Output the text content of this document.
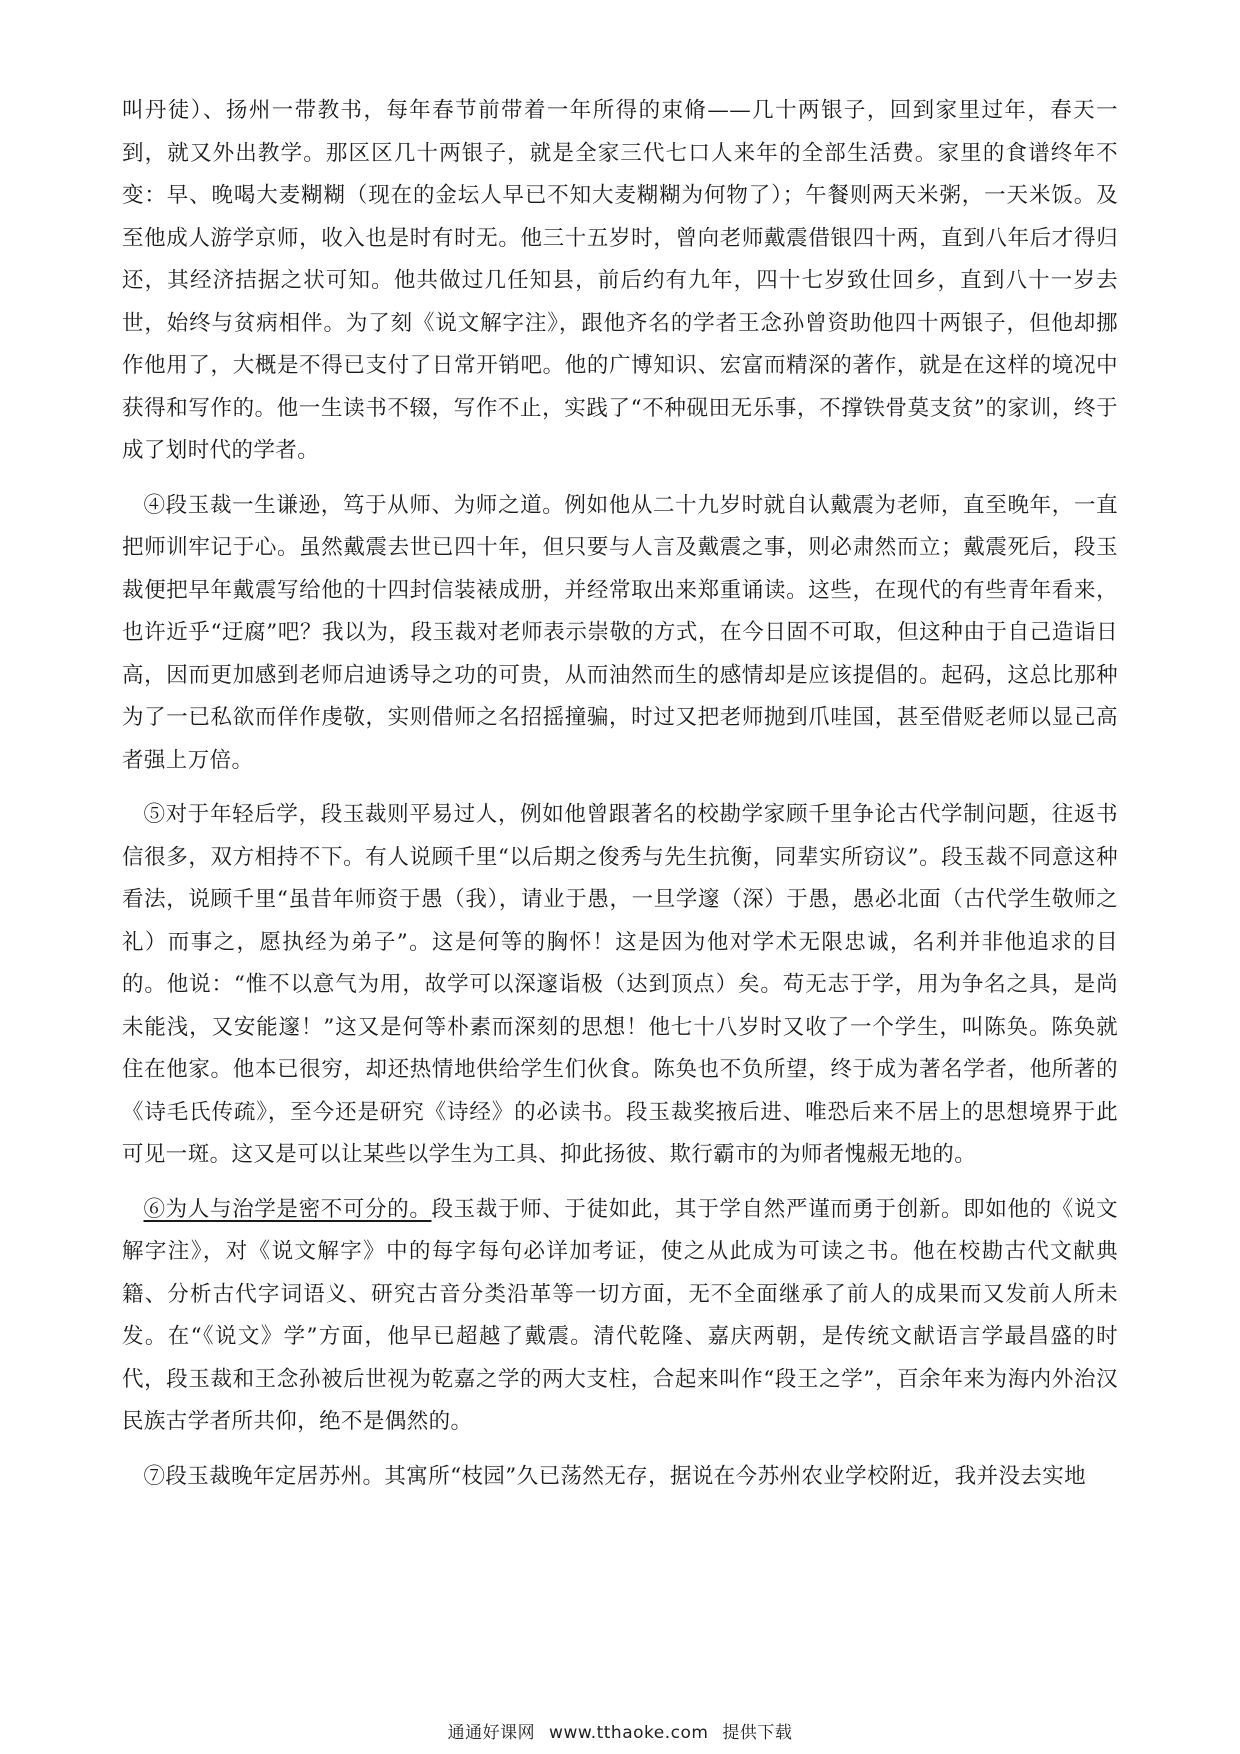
叫丹徒）、扬州一带教书，每年春节前带着一年所得的束脩——几十两银子，回到家里过年，春天一到，就又外出教学。那区区几十两银子，就是全家三代七口人来年的全部生活费。家里的食谱终年不变：早、晚喝大麦糊糊（现在的金坛人早已不知大麦糊糊为何物了）；午餐则两天米粥，一天米饭。及至他成人游学京师，收入也是时有时无。他三十五岁时，曾向老师戴震借银四十两，直到八年后才得归还，其经济拮据之状可知。他共做过几任知县，前后约有九年，四十七岁致仕回乡，直到八十一岁去世，始终与贫病相伴。为了刻《说文解字注》，跟他齐名的学者王念孙曾资助他四十两银子，但他却挪作他用了，大概是不得已支付了日常开销吧。他的广博知识、宏富而精深的著作，就是在这样的境况中获得和写作的。他一生读书不辍，写作不止，实践了“不种砚田无乐事，不撑铁骨莫支贫”的家训，终于成了划时代的学者。

④段玉裁一生谦逊，笃于从师、为师之道。例如他从二十九岁时就自认戴震为老师，直至晚年，一直把师训牢记于心。虽然戴震去世已四十年，但只要与人言及戴震之事，则必肃然而立；戴震死后，段玉裁便把早年戴震写给他的十四封信装裱成册，并经常取出来郑重诵读。这些，在现代的有些青年看来，也许近乎“迂腐”吧？我以为，段玉裁对老师表示崇敬的方式，在今日固不可取，但这种由于自己造诣日高，因而更加感到老师启迪诱导之功的可贵，从而油然而生的感情却是应该提倡的。起码，这总比那种为了一已私欲而佯作虔敬，实则借师之名招摇撞骗，时过又把老师抛到爪哇国，甚至借贬老师以显己高者强上万倍。

⑤对于年轻后学，段玉裁则平易过人，例如他曾跟著名的校勘学家顾千里争论古代学制问题，往返书信很多，双方相持不下。有人说顾千里“以后期之俊秀与先生抗衡，同辈实所窃议”。段玉裁不同意这种看法，说顾千里“虽昔年师资于愚（我），请业于愚，一旦学邃（深）于愚，愚必北面（古代学生敬师之礼）而事之，愿执经为弟子”。这是何等的胸怀！这是因为他对学术无限忠诚，名利并非他追求的目的。他说：“惟不以意气为用，故学可以深邃诣极（达到顶点）矣。苟无志于学，用为争名之具，是尚未能浅，又安能邃！”这又是何等朴素而深刻的思想！他七十八岁时又收了一个学生，叫陈奂。陈奂就住在他家。他本已很穷，却还热情地供给学生们伙食。陈奂也不负所望，终于成为著名学者，他所著的《诗毛氏传疏》，至今还是研究《诗经》的必读书。段玉裁奖掖后进、唯恐后来不居上的思想境界于此可见一斑。这又是可以让某些以学生为工具、抑此扬彼、欺行霸市的为师者愧赧无地的。

⑥为人与治学是密不可分的。段玉裁于师、于徒如此，其于学自然严谨而勇于创新。即如他的《说文解字注》，对《说文解字》中的每字每句必详加考证，使之从此成为可读之书。他在校勘古代文献典籍、分析古代字词语义、研究古音分类沿革等一切方面，无不全面继承了前人的成果而又发前人所未发。在“《说文》学”方面，他早已超越了戴震。清代乾隆、嘉庆两朝，是传统文献语言学最昌盛的时代，段玉裁和王念孙被后世视为乾嘉之学的两大支柱，合起来叫作“段王之学”，百余年来为海内外治汉民族古学者所共仰，绝不是偶然的。

⑦段玉裁晚年定居苏州。其寓所“枝园”久已荡然无存，据说在今苏州农业学校附近，我并没去实地

通通好课网 www.tthaoke.com 提供下载
